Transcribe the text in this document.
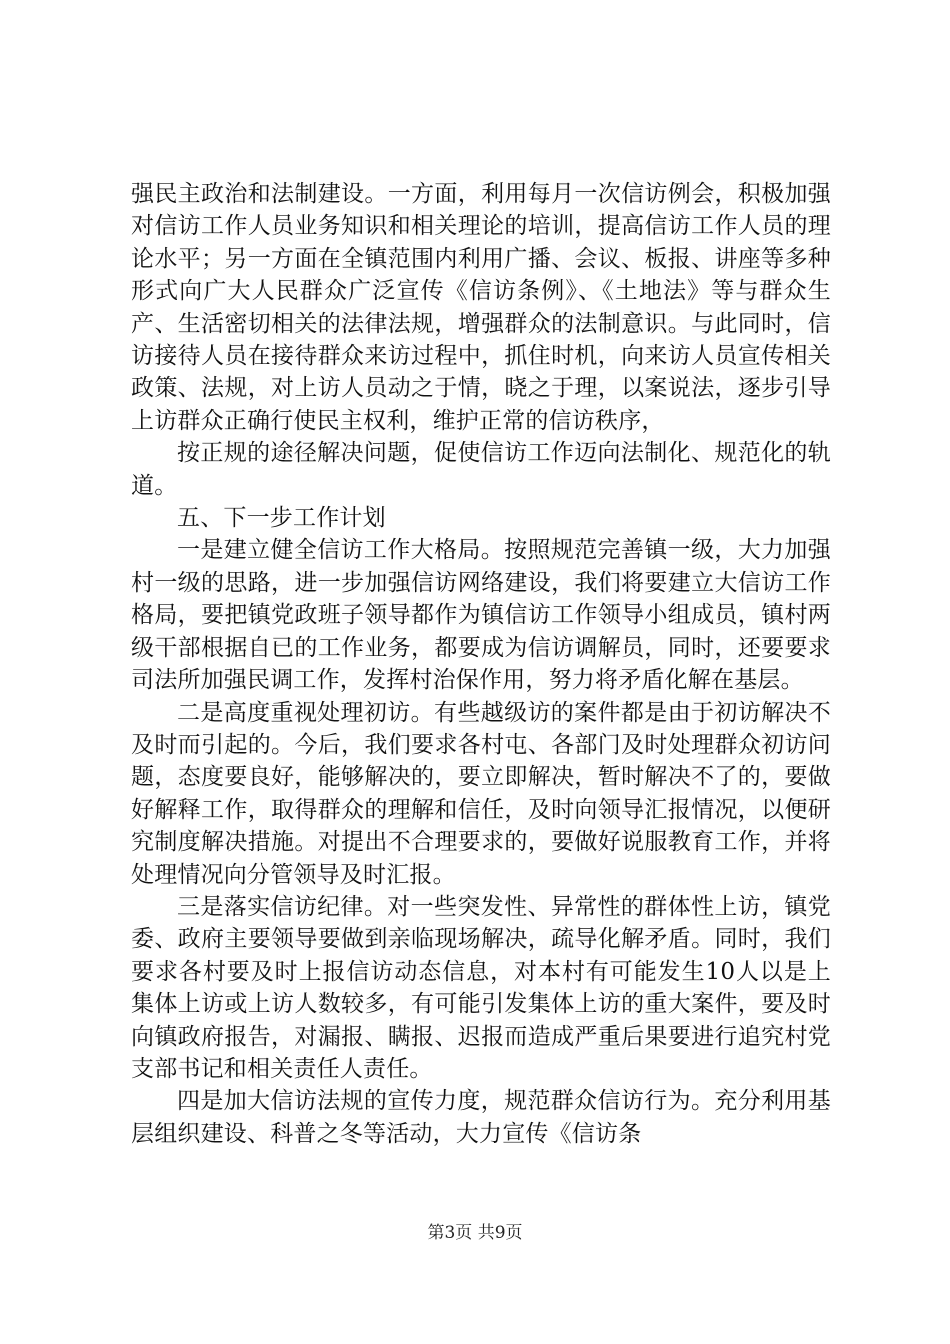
强民主政治和法制建设。一方面，利用每月一次信访例会，积极加强对信访工作人员业务知识和相关理论的培训，提高信访工作人员的理论水平；另一方面在全镇范围内利用广播、会议、板报、讲座等多种形式向广大人民群众广泛宣传《信访条例》、《土地法》等与群众生产、生活密切相关的法律法规，增强群众的法制意识。与此同时，信访接待人员在接待群众来访过程中，抓住时机，向来访人员宣传相关政策、法规，对上访人员动之于情，晓之于理，以案说法，逐步引导上访群众正确行使民主权利，维护正常的信访秩序，

按正规的途径解决问题，促使信访工作迈向法制化、规范化的轨道。

五、下一步工作计划

一是建立健全信访工作大格局。按照规范完善镇一级，大力加强村一级的思路，进一步加强信访网络建设，我们将要建立大信访工作格局，要把镇党政班子领导都作为镇信访工作领导小组成员，镇村两级干部根据自已的工作业务，都要成为信访调解员，同时，还要要求司法所加强民调工作，发挥村治保作用，努力将矛盾化解在基层。

二是高度重视处理初访。有些越级访的案件都是由于初访解决不及时而引起的。今后，我们要求各村屯、各部门及时处理群众初访问题，态度要良好，能够解决的，要立即解决，暂时解决不了的，要做好解释工作，取得群众的理解和信任，及时向领导汇报情况，以便研究制度解决措施。对提出不合理要求的，要做好说服教育工作，并将处理情况向分管领导及时汇报。

三是落实信访纪律。对一些突发性、异常性的群体性上访，镇党委、政府主要领导要做到亲临现场解决，疏导化解矛盾。同时，我们要求各村要及时上报信访动态信息，对本村有可能发生10人以是上集体上访或上访人数较多，有可能引发集体上访的重大案件，要及时向镇政府报告，对漏报、瞒报、迟报而造成严重后果要进行追究村党支部书记和相关责任人责任。

四是加大信访法规的宣传力度，规范群众信访行为。充分利用基层组织建设、科普之冬等活动，大力宣传《信访条

第3页 共9页
